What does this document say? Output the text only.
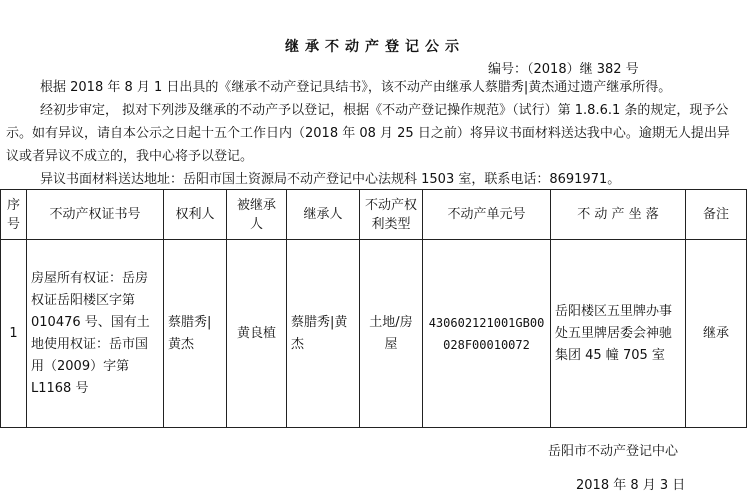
继承不动产登记公示
编号：（2018）继 382 号
根据 2018 年 8 月 1 日出具的《继承不动产登记具结书》，该不动产由继承人蔡腊秀|黄杰通过遗产继承所得。
经初步审定， 拟对下列涉及继承的不动产予以登记，根据《不动产登记操作规范》（试行）第 1.8.6.1 条的规定，现予公示。如有异议，请自本公示之日起十五个工作日内（2018 年 08 月 25 日之前）将异议书面材料送达我中心。逾期无人提出异议或者异议不成立的，我中心将予以登记。
异议书面材料送达地址：岳阳市国土资源局不动产登记中心法规科 1503 室，联系电话：8691971。
序号	不动产权证书号	权利人	被继承人	继承人	不动产权利类型	不动产单元号	不 动 产 坐 落	备注
1	房屋所有权证：岳房权证岳阳楼区字第 010476 号、国有土地使用权证：岳市国用（2009）字第 L1168 号	蔡腊秀|黄杰	黄良植	蔡腊秀|黄杰	土地/房屋	430602121001GB00028F00010072	岳阳楼区五里牌办事处五里牌居委会神驰集团 45 幢 705 室	继承
岳阳市不动产登记中心
2018 年 8 月 3 日
